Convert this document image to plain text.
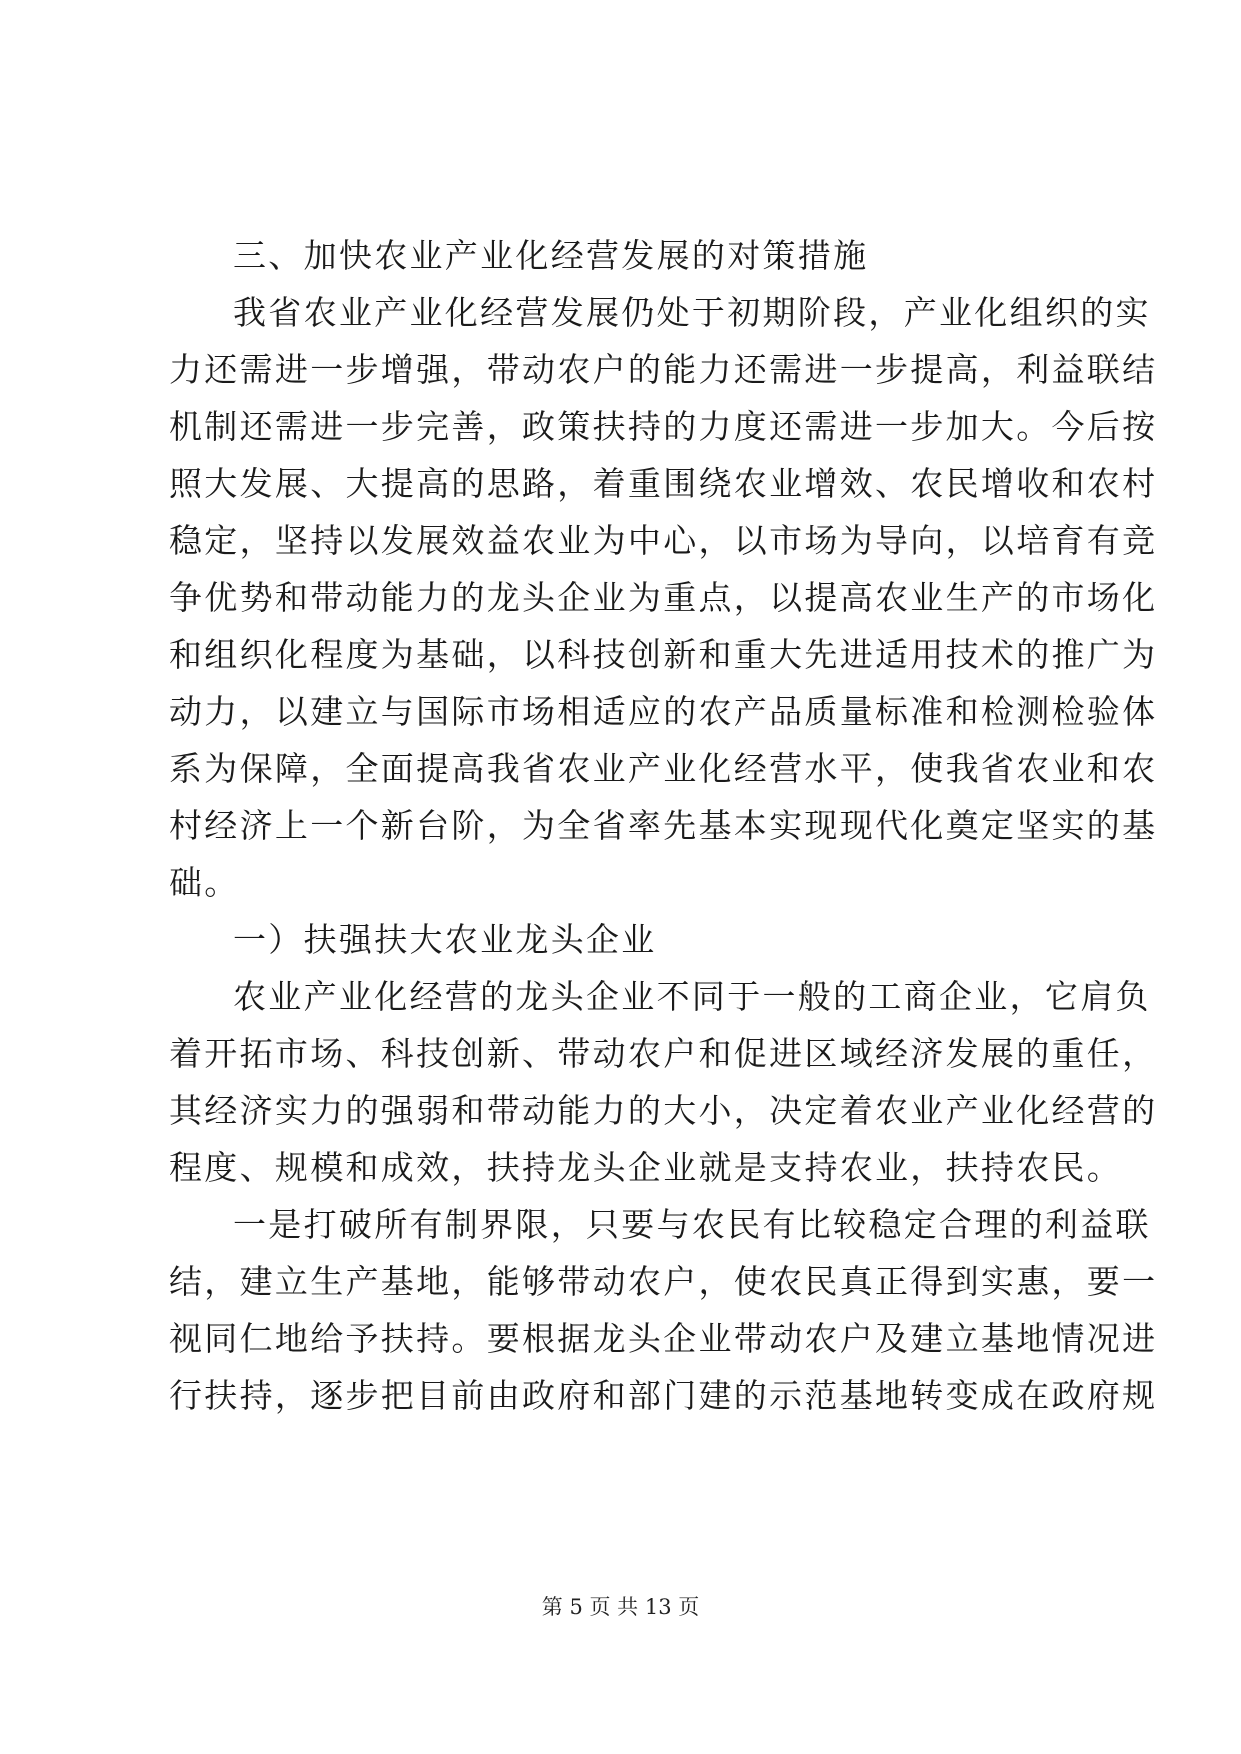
三、加快农业产业化经营发展的对策措施
我省农业产业化经营发展仍处于初期阶段，产业化组织的实
力还需进一步增强，带动农户的能力还需进一步提高，利益联结
机制还需进一步完善，政策扶持的力度还需进一步加大。今后按
照大发展、大提高的思路，着重围绕农业增效、农民增收和农村
稳定，坚持以发展效益农业为中心，以市场为导向，以培育有竞
争优势和带动能力的龙头企业为重点，以提高农业生产的市场化
和组织化程度为基础，以科技创新和重大先进适用技术的推广为
动力，以建立与国际市场相适应的农产品质量标准和检测检验体
系为保障，全面提高我省农业产业化经营水平，使我省农业和农
村经济上一个新台阶，为全省率先基本实现现代化奠定坚实的基
础。
一）扶强扶大农业龙头企业
农业产业化经营的龙头企业不同于一般的工商企业，它肩负
着开拓市场、科技创新、带动农户和促进区域经济发展的重任，
其经济实力的强弱和带动能力的大小，决定着农业产业化经营的
程度、规模和成效，扶持龙头企业就是支持农业，扶持农民。
一是打破所有制界限，只要与农民有比较稳定合理的利益联
结，建立生产基地，能够带动农户，使农民真正得到实惠，要一
视同仁地给予扶持。要根据龙头企业带动农户及建立基地情况进
行扶持，逐步把目前由政府和部门建的示范基地转变成在政府规
第 5 页 共 13 页
